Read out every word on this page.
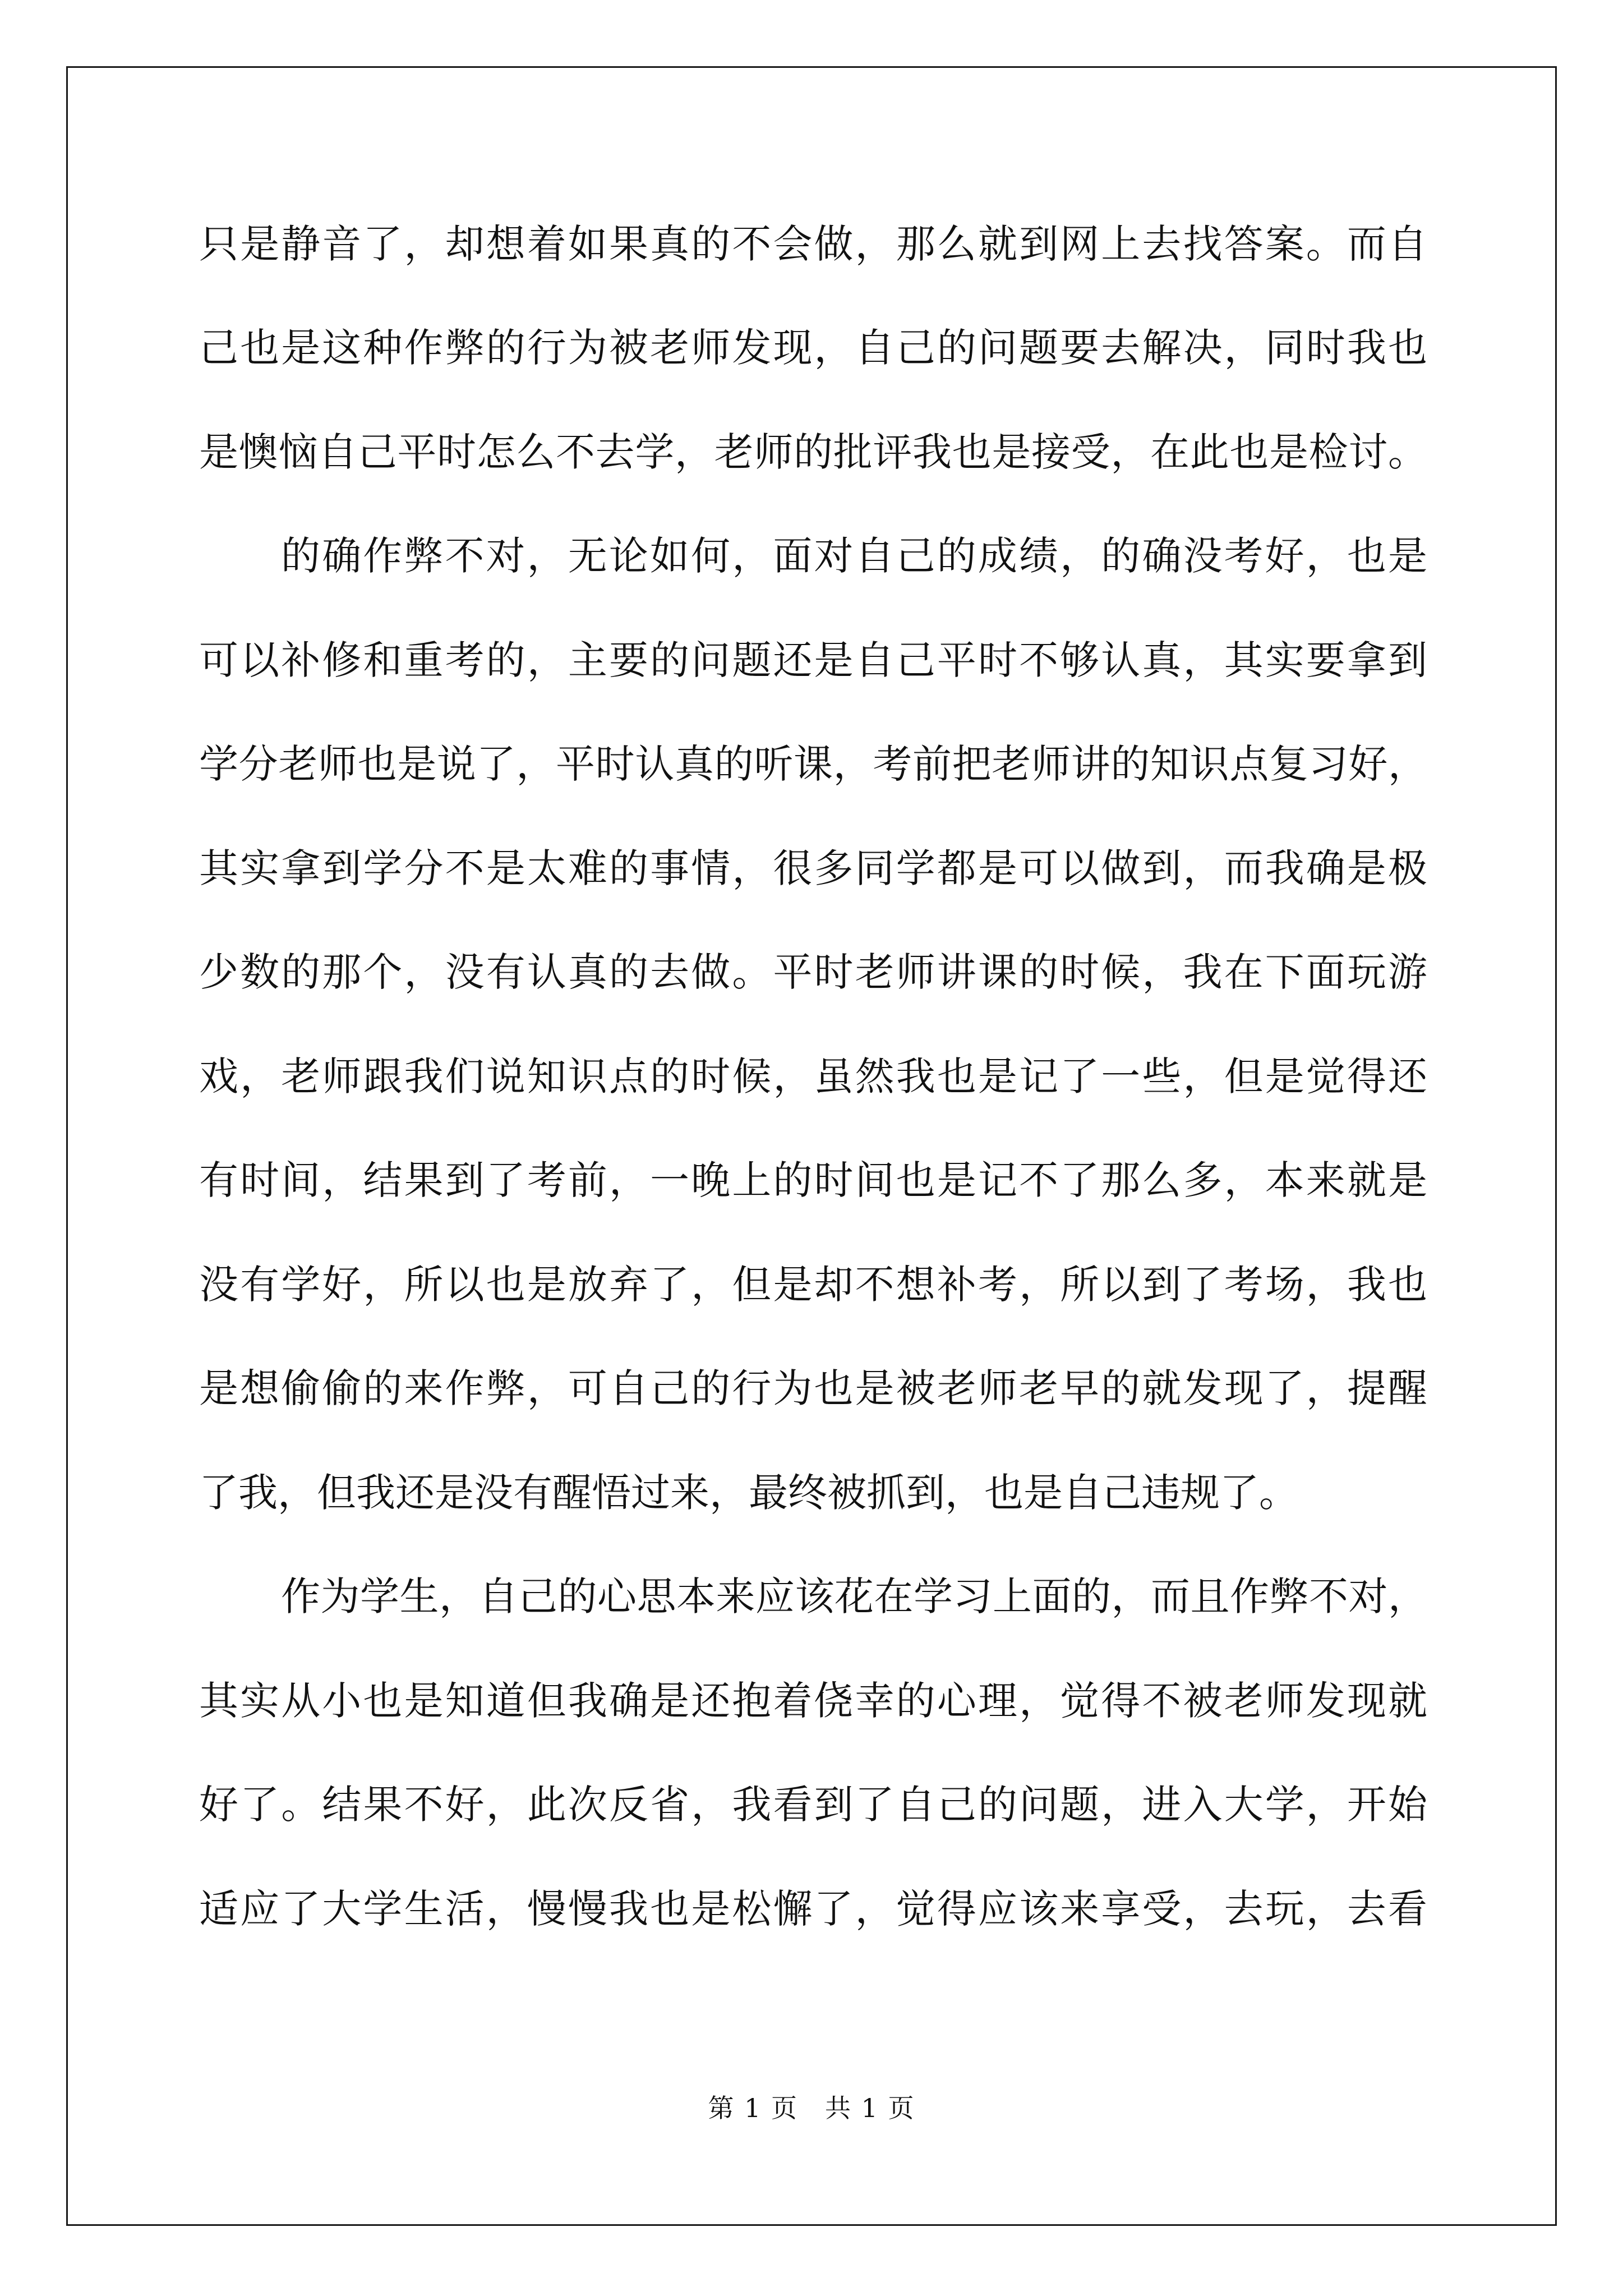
只是静音了，却想着如果真的不会做，那么就到网上去找答案。而自
己也是这种作弊的行为被老师发现，自己的问题要去解决，同时我也
是懊恼自己平时怎么不去学，老师的批评我也是接受，在此也是检讨。
的确作弊不对，无论如何，面对自己的成绩，的确没考好，也是
可以补修和重考的，主要的问题还是自己平时不够认真，其实要拿到
学分老师也是说了，平时认真的听课，考前把老师讲的知识点复习好，
其实拿到学分不是太难的事情，很多同学都是可以做到，而我确是极
少数的那个，没有认真的去做。平时老师讲课的时候，我在下面玩游
戏，老师跟我们说知识点的时候，虽然我也是记了一些，但是觉得还
有时间，结果到了考前，一晚上的时间也是记不了那么多，本来就是
没有学好，所以也是放弃了，但是却不想补考，所以到了考场，我也
是想偷偷的来作弊，可自己的行为也是被老师老早的就发现了，提醒
了我，但我还是没有醒悟过来，最终被抓到，也是自己违规了。
作为学生，自己的心思本来应该花在学习上面的，而且作弊不对，
其实从小也是知道但我确是还抱着侥幸的心理，觉得不被老师发现就
好了。结果不好，此次反省，我看到了自己的问题，进入大学，开始
适应了大学生活，慢慢我也是松懈了，觉得应该来享受，去玩，去看
第 1 页　共 1 页
